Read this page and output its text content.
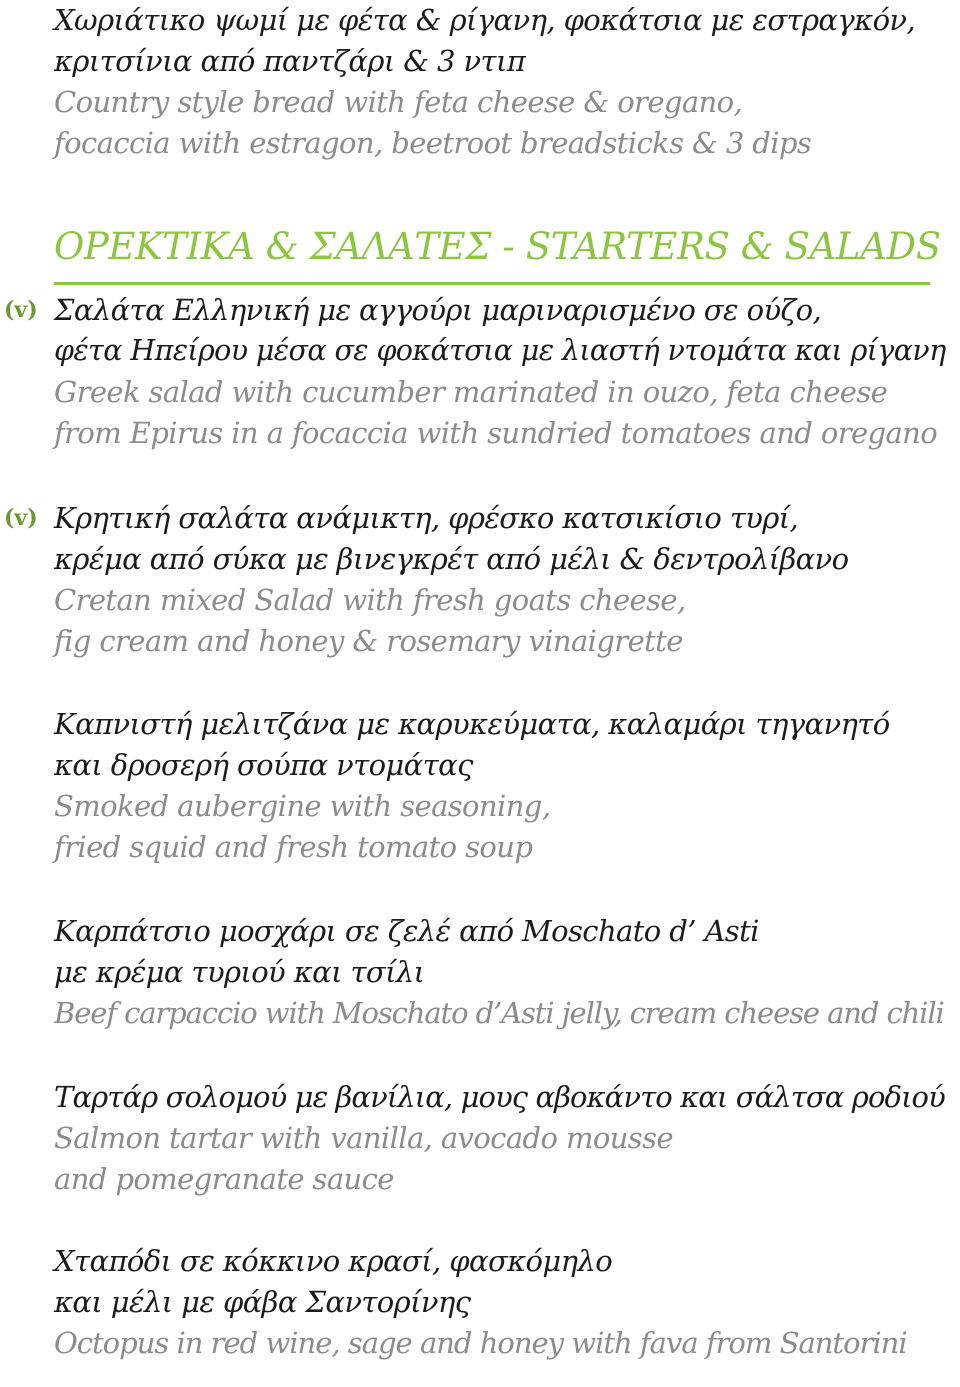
Χωριάτικο ψωμί με φέτα & ρίγανη, φοκάτσια με εστραγκόν,
κριτσίνια από παντζάρι & 3 ντιπ
Country style bread with feta cheese & oregano,
focaccia with estragon, beetroot breadsticks & 3 dips
ΟΡΕΚΤΙΚΑ & ΣΑΛΑΤΕΣ - STARTERS & SALADS
(v) Σαλάτα Ελληνική με αγγούρι μαριναρισμένο σε ούζο,
φέτα Ηπείρου μέσα σε φοκάτσια με λιαστή ντομάτα και ρίγανη
Greek salad with cucumber marinated in ouzo, feta cheese
from Epirus in a focaccia with sundried tomatoes and oregano
(v) Κρητική σαλάτα ανάμικτη, φρέσκο κατσικίσιο τυρί,
κρέμα από σύκα με βινεγκρέτ από μέλι & δεντρολίβανο
Cretan mixed Salad with fresh goats cheese,
fig cream and honey & rosemary vinaigrette
Καπνιστή μελιτζάνα με καρυκεύματα, καλαμάρι τηγανητό
και δροσερή σούπα ντομάτας
Smoked aubergine with seasoning,
fried squid and fresh tomato soup
Καρπάτσιο μοσχάρι σε ζελέ από Moschato d’ Asti
με κρέμα τυριού και τσίλι
Beef carpaccio with Moschato d’Asti jelly, cream cheese and chili
Ταρτάρ σολομού με βανίλια, μους αβοκάντο και σάλτσα ροδιού
Salmon tartar with vanilla, avocado mousse
and pomegranate sauce
Χταπόδι σε κόκκινο κρασί, φασκόμηλο
και μέλι με φάβα Σαντορίνης
Octopus in red wine, sage and honey with fava from Santorini
